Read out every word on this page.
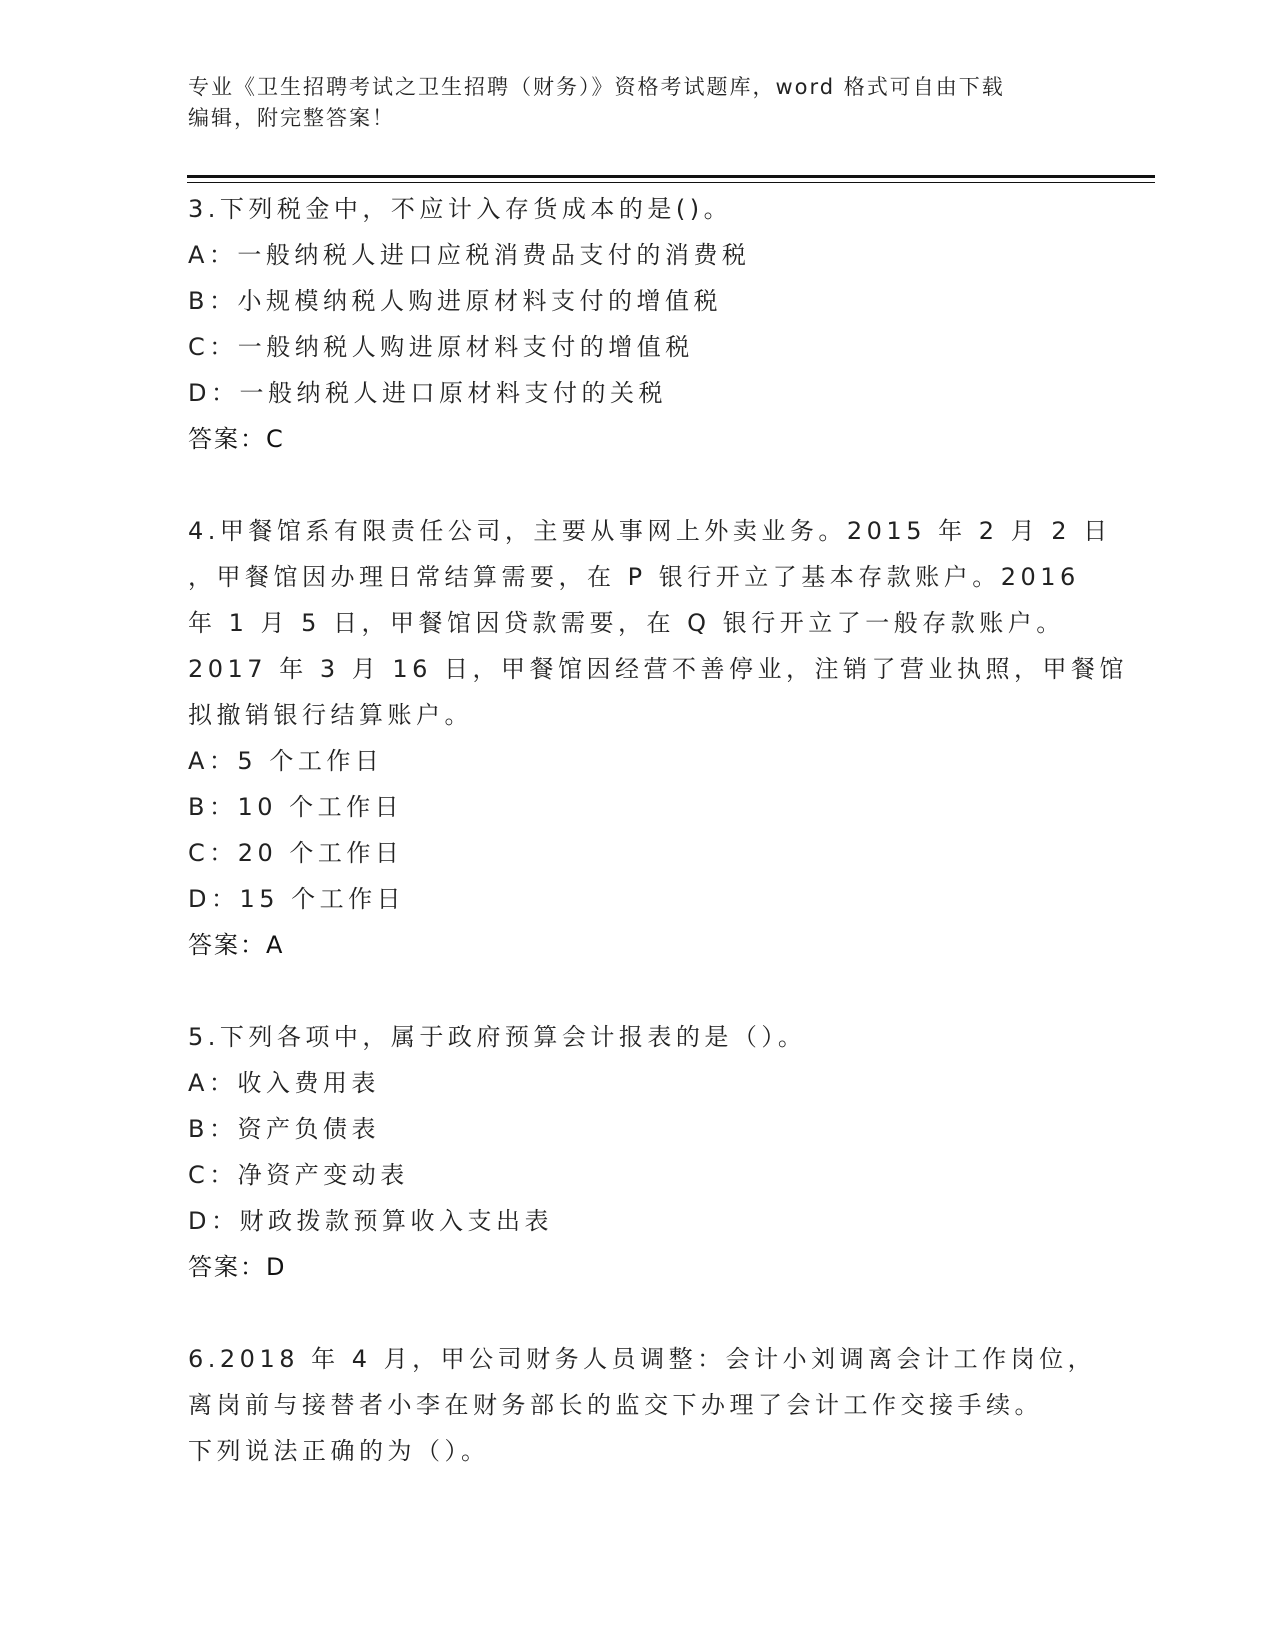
专业《卫生招聘考试之卫生招聘（财务）》资格考试题库，word 格式可自由下载
编辑，附完整答案！
3.下列税金中，不应计入存货成本的是()。
A：一般纳税人进口应税消费品支付的消费税
B：小规模纳税人购进原材料支付的增值税
C：一般纳税人购进原材料支付的增值税
D：一般纳税人进口原材料支付的关税
答案：C
4.甲餐馆系有限责任公司，主要从事网上外卖业务。2015 年 2 月 2 日
，甲餐馆因办理日常结算需要，在 P 银行开立了基本存款账户。2016
年 1 月 5 日，甲餐馆因贷款需要，在 Q 银行开立了一般存款账户。
2017 年 3 月 16 日，甲餐馆因经营不善停业，注销了营业执照，甲餐馆
拟撤销银行结算账户。
A：5 个工作日
B：10 个工作日
C：20 个工作日
D：15 个工作日
答案：A
5.下列各项中，属于政府预算会计报表的是（）。
A：收入费用表
B：资产负债表
C：净资产变动表
D：财政拨款预算收入支出表
答案：D
6.2018 年 4 月，甲公司财务人员调整：会计小刘调离会计工作岗位，
离岗前与接替者小李在财务部长的监交下办理了会计工作交接手续。
下列说法正确的为（）。
